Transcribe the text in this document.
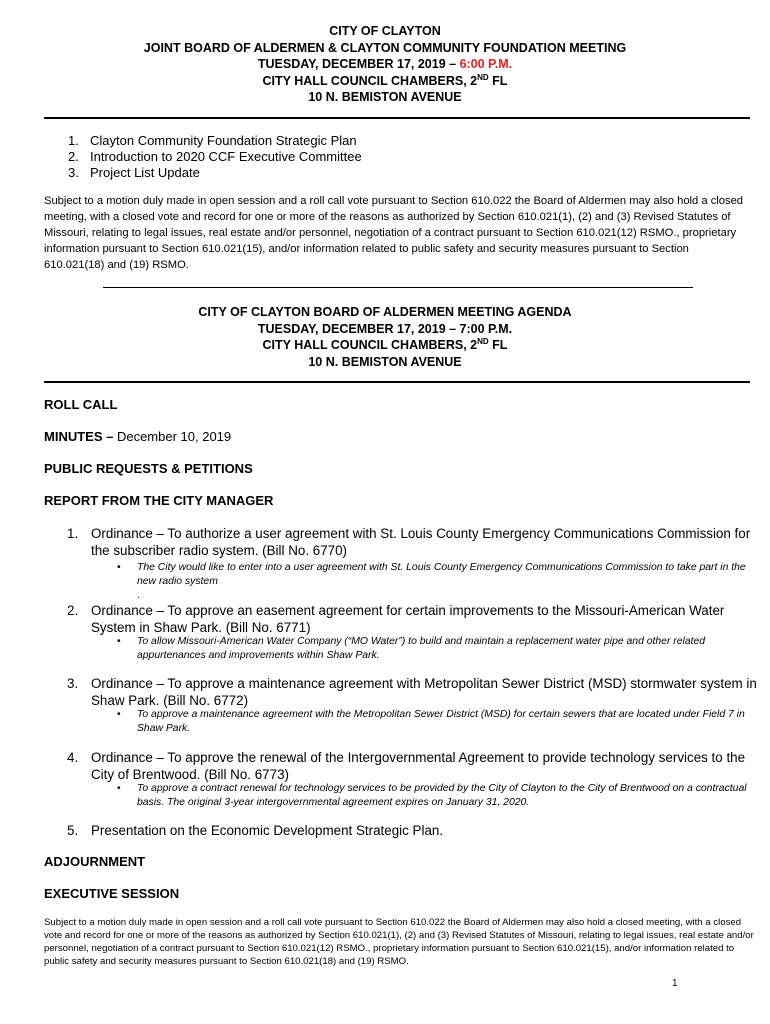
CITY OF CLAYTON
JOINT BOARD OF ALDERMEN & CLAYTON COMMUNITY FOUNDATION MEETING
TUESDAY, DECEMBER 17, 2019 – 6:00 P.M.
CITY HALL COUNCIL CHAMBERS, 2ND FL
10 N. BEMISTON AVENUE
1. Clayton Community Foundation Strategic Plan
2. Introduction to 2020 CCF Executive Committee
3. Project List Update
Subject to a motion duly made in open session and a roll call vote pursuant to Section 610.022 the Board of Aldermen may also hold a closed meeting, with a closed vote and record for one or more of the reasons as authorized by Section 610.021(1), (2) and (3) Revised Statutes of Missouri, relating to legal issues, real estate and/or personnel, negotiation of a contract pursuant to Section 610.021(12) RSMO., proprietary information pursuant to Section 610.021(15), and/or information related to public safety and security measures pursuant to Section 610.021(18) and (19) RSMO.
CITY OF CLAYTON BOARD OF ALDERMEN MEETING AGENDA
TUESDAY, DECEMBER 17, 2019 – 7:00 P.M.
CITY HALL COUNCIL CHAMBERS, 2ND FL
10 N. BEMISTON AVENUE
ROLL CALL
MINUTES – December 10, 2019
PUBLIC REQUESTS & PETITIONS
REPORT FROM THE CITY MANAGER
1. Ordinance – To authorize a user agreement with St. Louis County Emergency Communications Commission for the subscriber radio system. (Bill No. 6770)
• The City would like to enter into a user agreement with St. Louis County Emergency Communications Commission to take part in the new radio system
.
2. Ordinance – To approve an easement agreement for certain improvements to the Missouri-American Water System in Shaw Park. (Bill No. 6771)
• To allow Missouri-American Water Company (“MO Water”) to build and maintain a replacement water pipe and other related appurtenances and improvements within Shaw Park.
3. Ordinance – To approve a maintenance agreement with Metropolitan Sewer District (MSD) stormwater system in Shaw Park. (Bill No. 6772)
• To approve a maintenance agreement with the Metropolitan Sewer District (MSD) for certain sewers that are located under Field 7 in Shaw Park.
4. Ordinance – To approve the renewal of the Intergovernmental Agreement to provide technology services to the City of Brentwood. (Bill No. 6773)
• To approve a contract renewal for technology services to be provided by the City of Clayton to the City of Brentwood on a contractual basis. The original 3-year intergovernmental agreement expires on January 31, 2020.
5. Presentation on the Economic Development Strategic Plan.
ADJOURNMENT
EXECUTIVE SESSION
Subject to a motion duly made in open session and a roll call vote pursuant to Section 610.022 the Board of Aldermen may also hold a closed meeting, with a closed vote and record for one or more of the reasons as authorized by Section 610.021(1), (2) and (3) Revised Statutes of Missouri, relating to legal issues, real estate and/or personnel, negotiation of a contract pursuant to Section 610.021(12) RSMO., proprietary information pursuant to Section 610.021(15), and/or information related to public safety and security measures pursuant to Section 610.021(18) and (19) RSMO.
1
